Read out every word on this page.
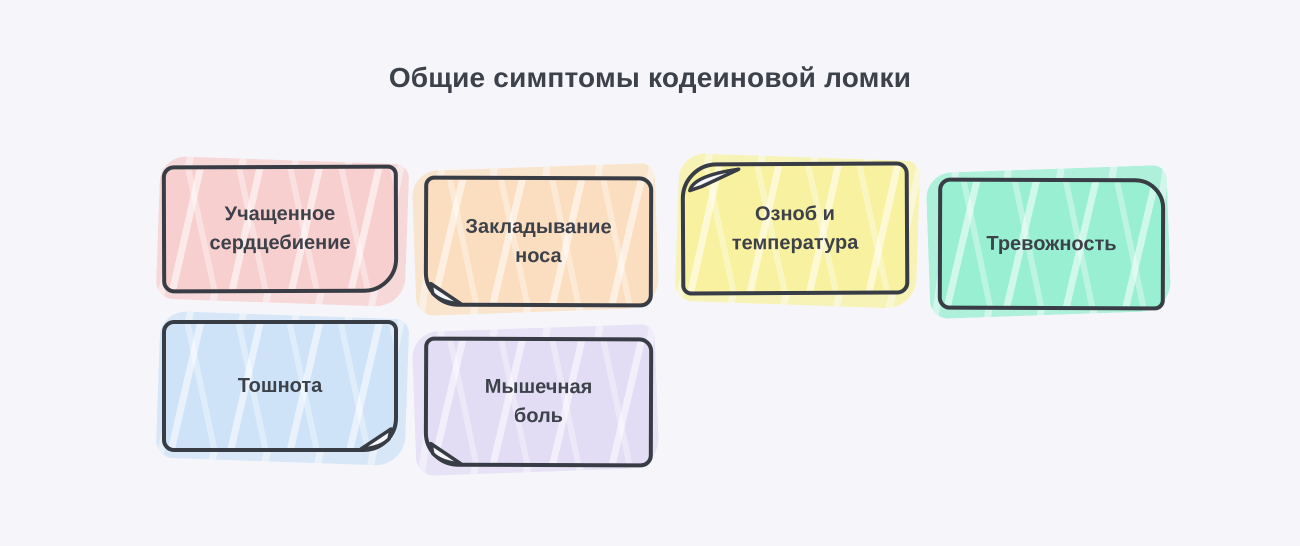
Общие симптомы кодеиновой ломки
Учащенное
сердцебиение
Закладывание
носа
Озноб и
температура	Тревожность
Тошнота	Мышечная
боль
